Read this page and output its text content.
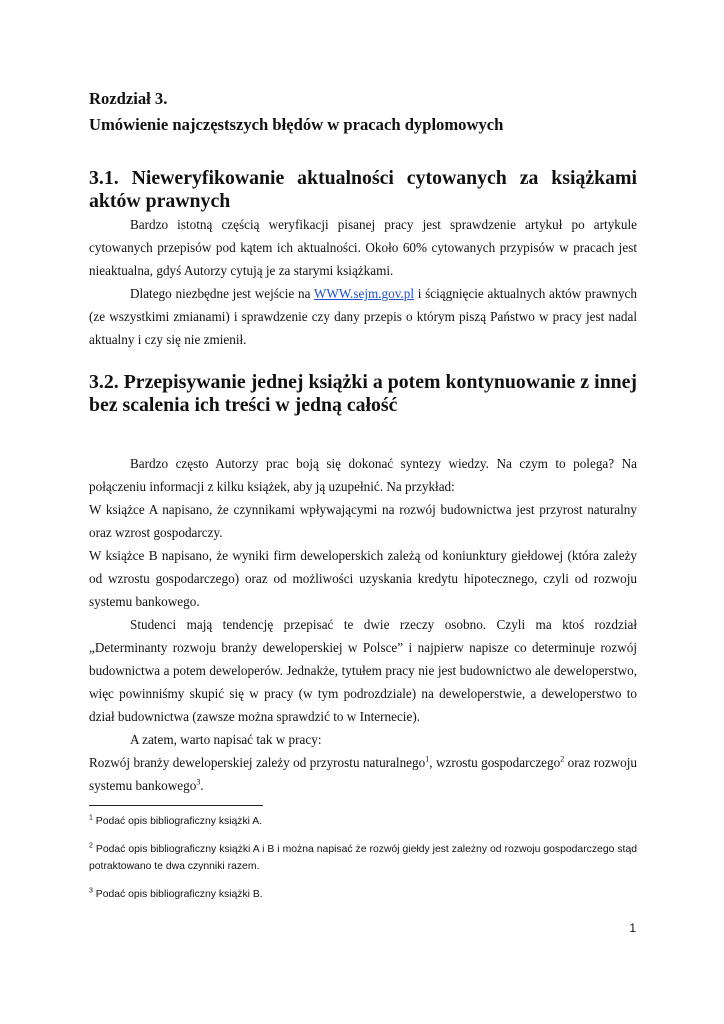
Rozdział 3.
Umówienie najczęstszych błędów w pracach dyplomowych
3.1. Nieweryfikowanie aktualności cytowanych za książkami aktów prawnych

Bardzo istotną częścią weryfikacji pisanej pracy jest sprawdzenie artykuł po artykule cytowanych przepisów pod kątem ich aktualności. Około 60% cytowanych przypisów w pracach jest nieaktualna, gdyś Autorzy cytują je za starymi książkami.

Dlatego niezbędne jest wejście na WWW.sejm.gov.pl i ściągnięcie aktualnych aktów prawnych (ze wszystkimi zmianami) i sprawdzenie czy dany przepis o którym piszą Państwo w pracy jest nadal aktualny i czy się nie zmienił.

3.2. Przepisywanie jednej książki a potem kontynuowanie z innej bez scalenia ich treści w jedną całość

Bardzo często Autorzy prac boją się dokonać syntezy wiedzy. Na czym to polega? Na połączeniu informacji z kilku książek, aby ją uzupełnić. Na przykład:

W książce A napisano, że czynnikami wpływającymi na rozwój budownictwa jest przyrost naturalny oraz wzrost gospodarczy.

W książce B napisano, że wyniki firm deweloperskich zależą od koniunktury giełdowej (która zależy od wzrostu gospodarczego) oraz od możliwości uzyskania kredytu hipotecznego, czyli od rozwoju systemu bankowego.

Studenci mają tendencję przepisać te dwie rzeczy osobno. Czyli ma ktoś rozdział „Determinanty rozwoju branży deweloperskiej w Polsce” i najpierw napisze co determinuje rozwój budownictwa a potem deweloperów. Jednakże, tytułem pracy nie jest budownictwo ale deweloperstwo, więc powinniśmy skupić się w pracy (w tym podrozdziale) na deweloperstwie, a deweloperstwo to dział budownictwa (zawsze można sprawdzić to w Internecie).

A zatem, warto napisać tak w pracy:

Rozwój branży deweloperskiej zależy od przyrostu naturalnego$^1$, wzrostu gospodarczego$^2$ oraz rozwoju systemu bankowego$^3$.

$^1$ Podać opis bibliograficzny książki A.

$^2$ Podać opis bibliograficzny książki A i B i można napisać że rozwój giełdy jest zależny od rozwoju gospodarczego stąd potraktowano te dwa czynniki razem.

$^3$ Podać opis bibliograficzny książki B.

1
